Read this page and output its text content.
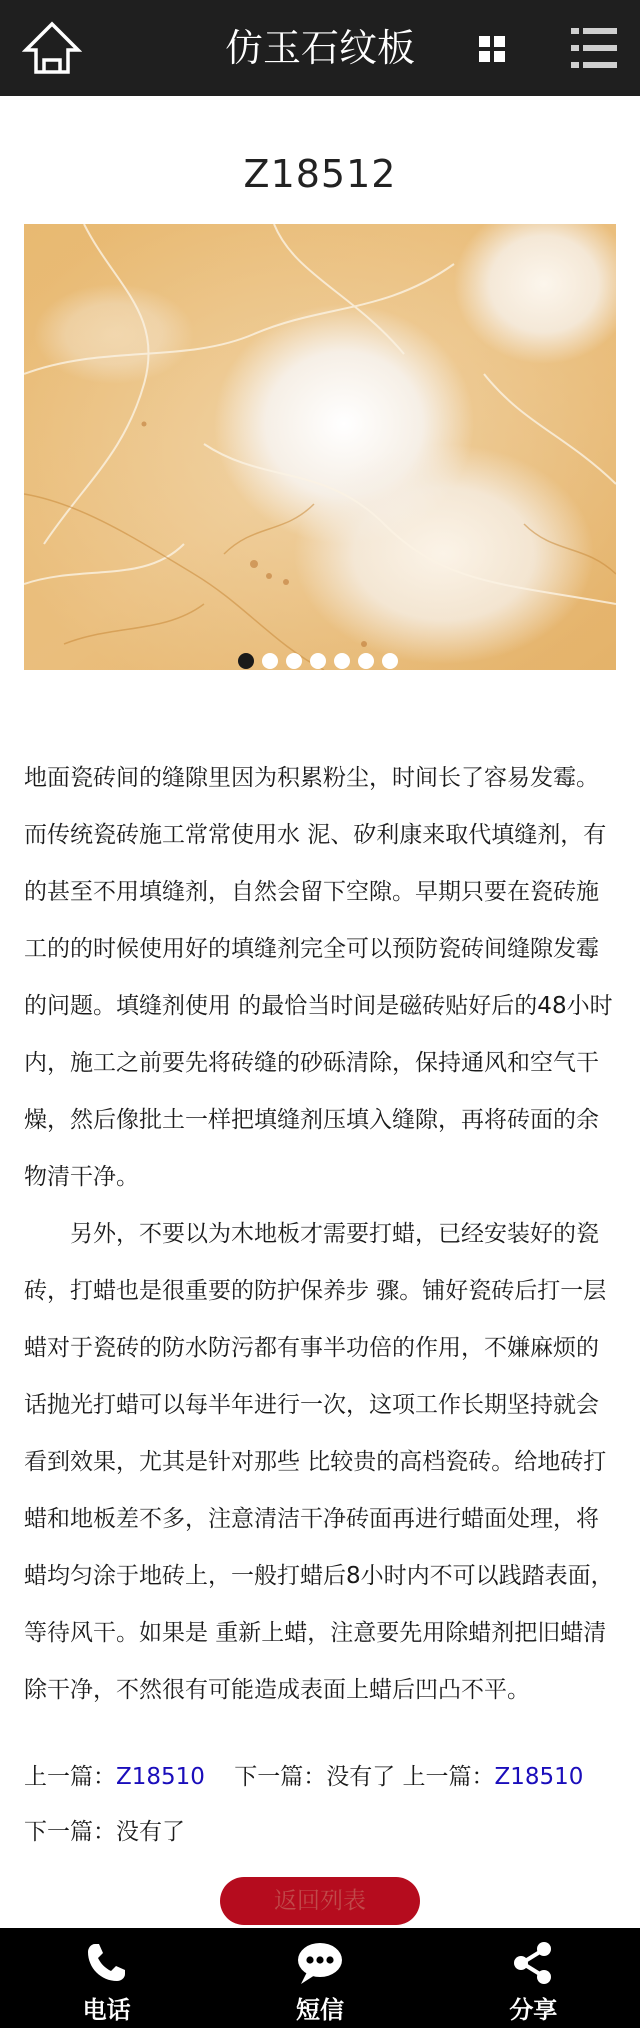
仿玉石纹板
Z18512

地面瓷砖间的缝隙里因为积累粉尘，时间长了容易发霉。而传统瓷砖施工常常使用水 泥、矽利康来取代填缝剂，有的甚至不用填缝剂，自然会留下空隙。早期只要在瓷砖施工的的时候使用好的填缝剂完全可以预防瓷砖间缝隙发霉的问题。填缝剂使用 的最恰当时间是磁砖贴好后的48小时内，施工之前要先将砖缝的砂砾清除，保持通风和空气干燥，然后像批土一样把填缝剂压填入缝隙，再将砖面的余物清干净。

另外，不要以为木地板才需要打蜡，已经安装好的瓷砖，打蜡也是很重要的防护保养步 骤。铺好瓷砖后打一层蜡对于瓷砖的防水防污都有事半功倍的作用，不嫌麻烦的话抛光打蜡可以每半年进行一次，这项工作长期坚持就会看到效果，尤其是针对那些 比较贵的高档瓷砖。给地砖打蜡和地板差不多，注意清洁干净砖面再进行蜡面处理，将蜡均匀涂于地砖上，一般打蜡后8小时内不可以践踏表面，等待风干。如果是 重新上蜡，注意要先用除蜡剂把旧蜡清除干净，不然很有可能造成表面上蜡后凹凸不平。

上一篇：Z18510 下一篇：没有了 上一篇：Z18510
下一篇：没有了
返回列表
电话	短信	分享
